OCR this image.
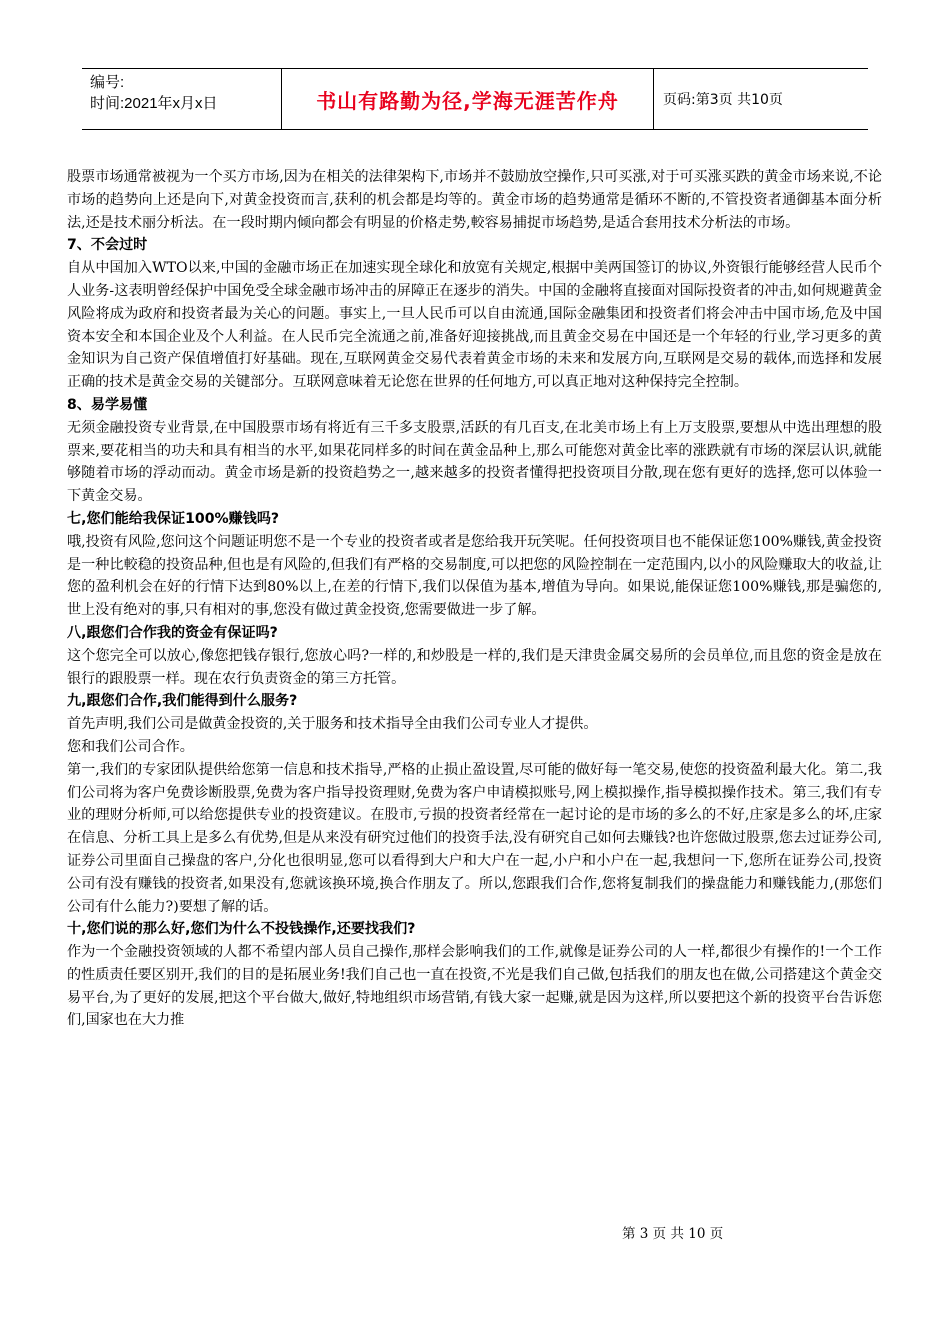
编号:
时间:2021年x月x日	书山有路勤为径,学海无涯苦作舟	页码:第3页 共10页

股票市场通常被视为一个买方市场,因为在相关的法律架构下,市场并不鼓励放空操作,只可买涨,对于可买涨买跌的黄金市场来说,不论市场的趋势向上还是向下,对黄金投资而言,获利的机会都是均等的。黄金市场的趋势通常是循环不断的,不管投资者通御基本面分析法,还是技术丽分析法。在一段时期内倾向都会有明显的价格走势,較容易捕捉市场趋势,是适合套用技术分析法的市场。

7、不会过时

自从中国加入WTO以来,中国的金融市场正在加速实现全球化和放宽有关规定,根据中美两国签订的协议,外资银行能够经营人民币个人业务-这表明曾经保护中国免受全球金融市场冲击的屏障正在逐步的消失。中国的金融将直接面对国际投资者的冲击,如何规避黄金风险将成为政府和投资者最为关心的问题。事实上,一旦人民币可以自由流通,国际金融集团和投资者们将会冲击中国市场,危及中国资本安全和本国企业及个人利益。在人民币完全流通之前,准备好迎接挑战,而且黄金交易在中国还是一个年轻的行业,学习更多的黄金知识为自己资产保值增值打好基础。现在,互联网黄金交易代表着黄金市场的未来和发展方向,互联网是交易的载体,而选择和发展正确的技术是黄金交易的关键部分。互联网意味着无论您在世界的任何地方,可以真正地对这种保持完全控制。

8、易学易懂

无须金融投资专业背景,在中国股票市场有将近有三千多支股票,活跃的有几百支,在北美市场上有上万支股票,要想从中选出理想的股票来,要花相当的功夫和具有相当的水平,如果花同样多的时间在黄金品种上,那么可能您对黄金比率的涨跌就有市场的深层认识,就能够随着市场的浮动而动。黄金市场是新的投资趋势之一,越来越多的投资者懂得把投资项目分散,现在您有更好的选择,您可以体验一下黄金交易。

七,您们能给我保证100%赚钱吗?

哦,投资有风险,您问这个问题证明您不是一个专业的投资者或者是您给我开玩笑呢。任何投资项目也不能保证您100%赚钱,黄金投资是一种比較稳的投资品种,但也是有风险的,但我们有严格的交易制度,可以把您的风险控制在一定范围内,以小的风险赚取大的收益,让您的盈利机会在好的行情下达到80%以上,在差的行情下,我们以保值为基本,增值为导向。如果说,能保证您100%赚钱,那是骗您的,世上没有绝对的事,只有相对的事,您没有做过黄金投资,您需要做进一步了解。

八,跟您们合作我的资金有保证吗?

这个您完全可以放心,像您把钱存银行,您放心吗?一样的,和炒股是一样的,我们是天津贵金属交易所的会员单位,而且您的资金是放在银行的跟股票一样。现在农行负责资金的第三方托管。

九,跟您们合作,我们能得到什么服务?

首先声明,我们公司是做黄金投资的,关于服务和技术指导全由我们公司专业人才提供。

您和我们公司合作。

第一,我们的专家团队提供给您第一信息和技术指导,严格的止损止盈设置,尽可能的做好每一笔交易,使您的投资盈利最大化。第二,我们公司将为客户免费诊断股票,免费为客户指导投资理财,免费为客户申请模拟账号,网上模拟操作,指导模拟操作技术。第三,我们有专业的理财分析师,可以给您提供专业的投资建议。在股市,亏损的投资者经常在一起讨论的是市场的多么的不好,庄家是多么的坏,庄家在信息、分析工具上是多么有优势,但是从来没有研究过他们的投资手法,没有研究自己如何去赚钱?也许您做过股票,您去过证券公司,证券公司里面自己操盘的客户,分化也很明显,您可以看得到大户和大户在一起,小户和小户在一起,我想问一下,您所在证券公司,投资公司有没有赚钱的投资者,如果没有,您就该换环境,换合作朋友了。所以,您跟我们合作,您将复制我们的操盘能力和赚钱能力,(那您们公司有什么能力?)要想了解的话。

十,您们说的那么好,您们为什么不投钱操作,还要找我们?

作为一个金融投资领域的人都不希望内部人员自己操作,那样会影响我们的工作,就像是证券公司的人一样,都很少有操作的!一个工作的性质责任要区别开,我们的目的是拓展业务!我们自己也一直在投资,不光是我们自己做,包括我们的朋友也在做,公司搭建这个黄金交易平台,为了更好的发展,把这个平台做大,做好,特地组织市场营销,有钱大家一起赚,就是因为这样,所以要把这个新的投资平台告诉您们,国家也在大力推

第 3 页 共 10 页
